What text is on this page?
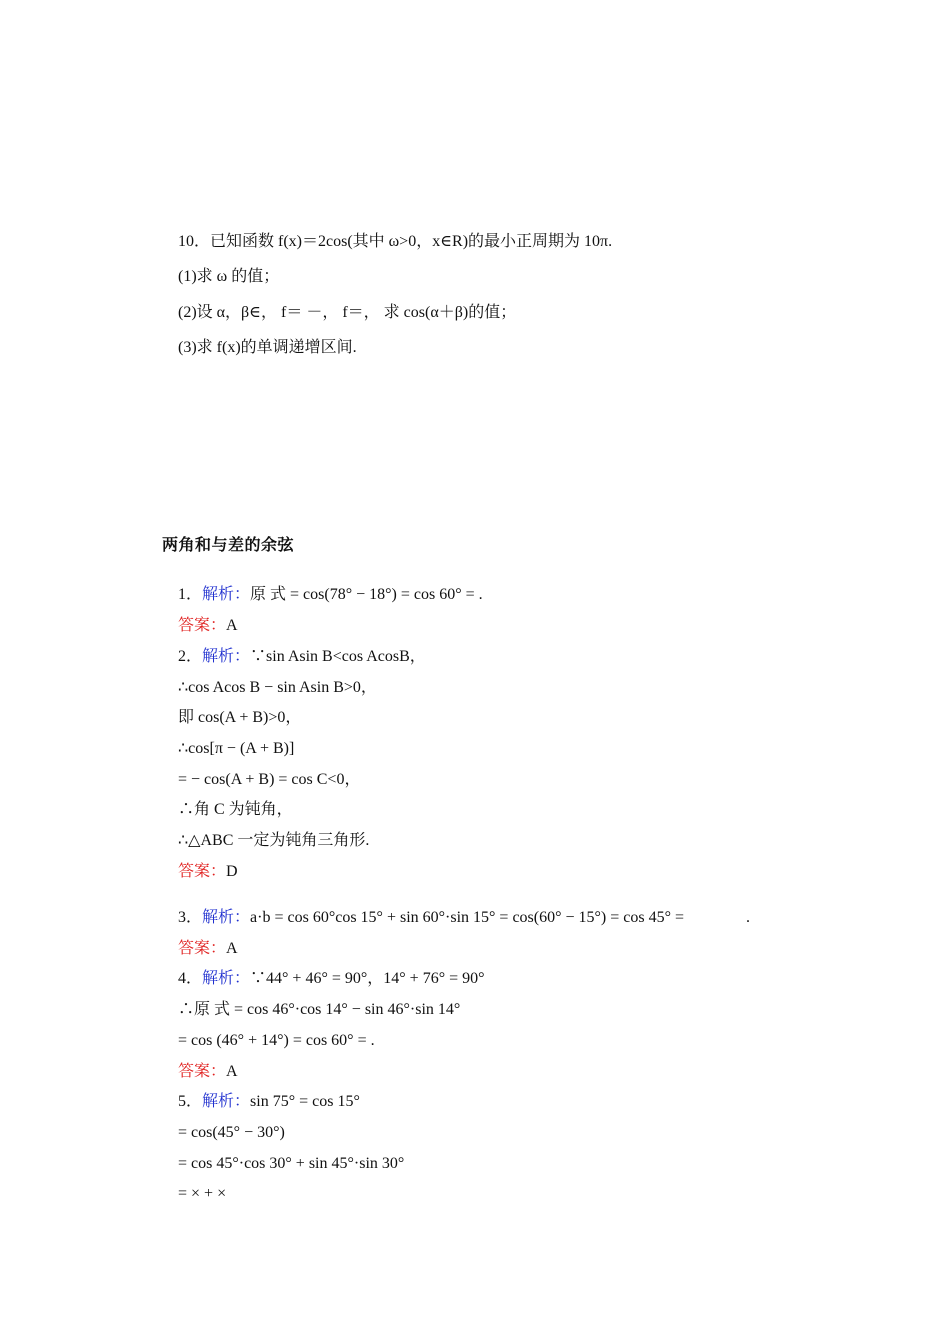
10．已知函数 f(x)＝2cos(其中 ω>0，x∈R)的最小正周期为 10π.
(1)求 ω 的值；
(2)设 α，β∈， f＝ －， f＝， 求 cos(α＋β)的值；
(3)求 f(x)的单调递增区间.
两角和与差的余弦
1．解析：原 式 = cos(78° − 18°) = cos 60° = .
答案：A
2．解析：∵sin Asin B<cos AcosB，
∴cos Acos B − sin Asin B>0，
即 cos(A + B)>0，
∴cos[π − (A + B)]
= − cos(A + B) = cos C<0，
∴角 C 为钝角，
∴△ABC 一定为钝角三角形.
答案：D
3．解析：a·b = cos 60°cos 15° + sin 60°·sin 15° = cos(60° − 15°) = cos 45° =	.
答案：A
4．解析：∵44° + 46° = 90°，14° + 76° = 90°
∴原 式 = cos 46°·cos 14° − sin 46°·sin 14°
= cos (46° + 14°) = cos 60° = .
答案：A
5．解析：sin 75° = cos 15°
= cos(45° − 30°)
= cos 45°·cos 30° + sin 45°·sin 30°
= × + ×
